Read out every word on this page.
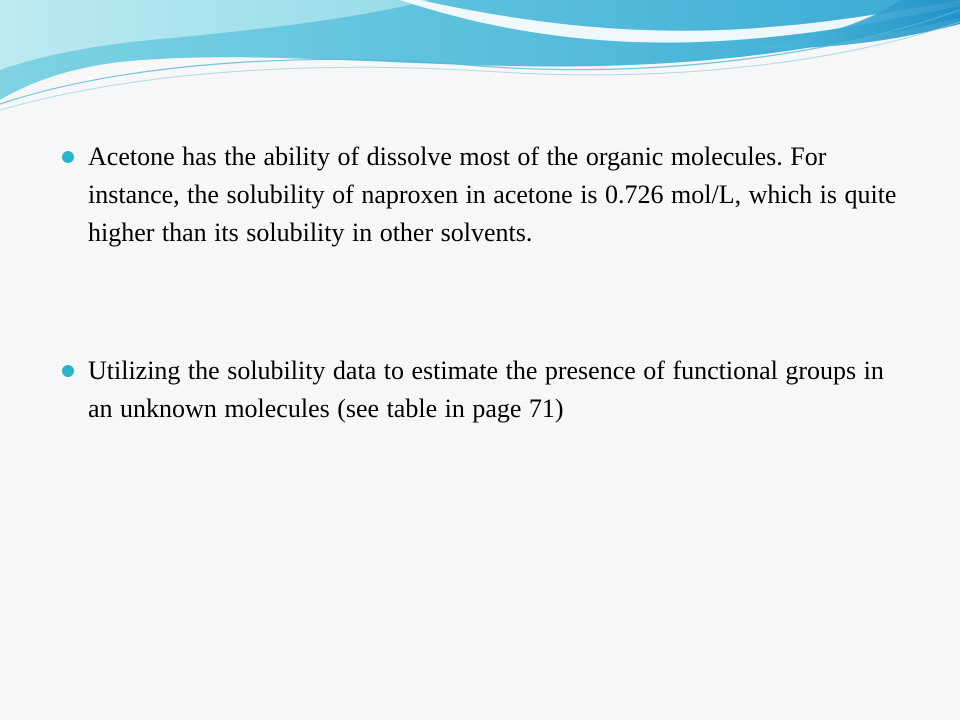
Acetone has the ability of dissolve most of the organic molecules. For instance, the solubility of naproxen in acetone is 0.726 mol/L, which is quite higher than its solubility in other solvents.
Utilizing the solubility data to estimate the presence of functional groups in an unknown molecules (see table in page 71)
